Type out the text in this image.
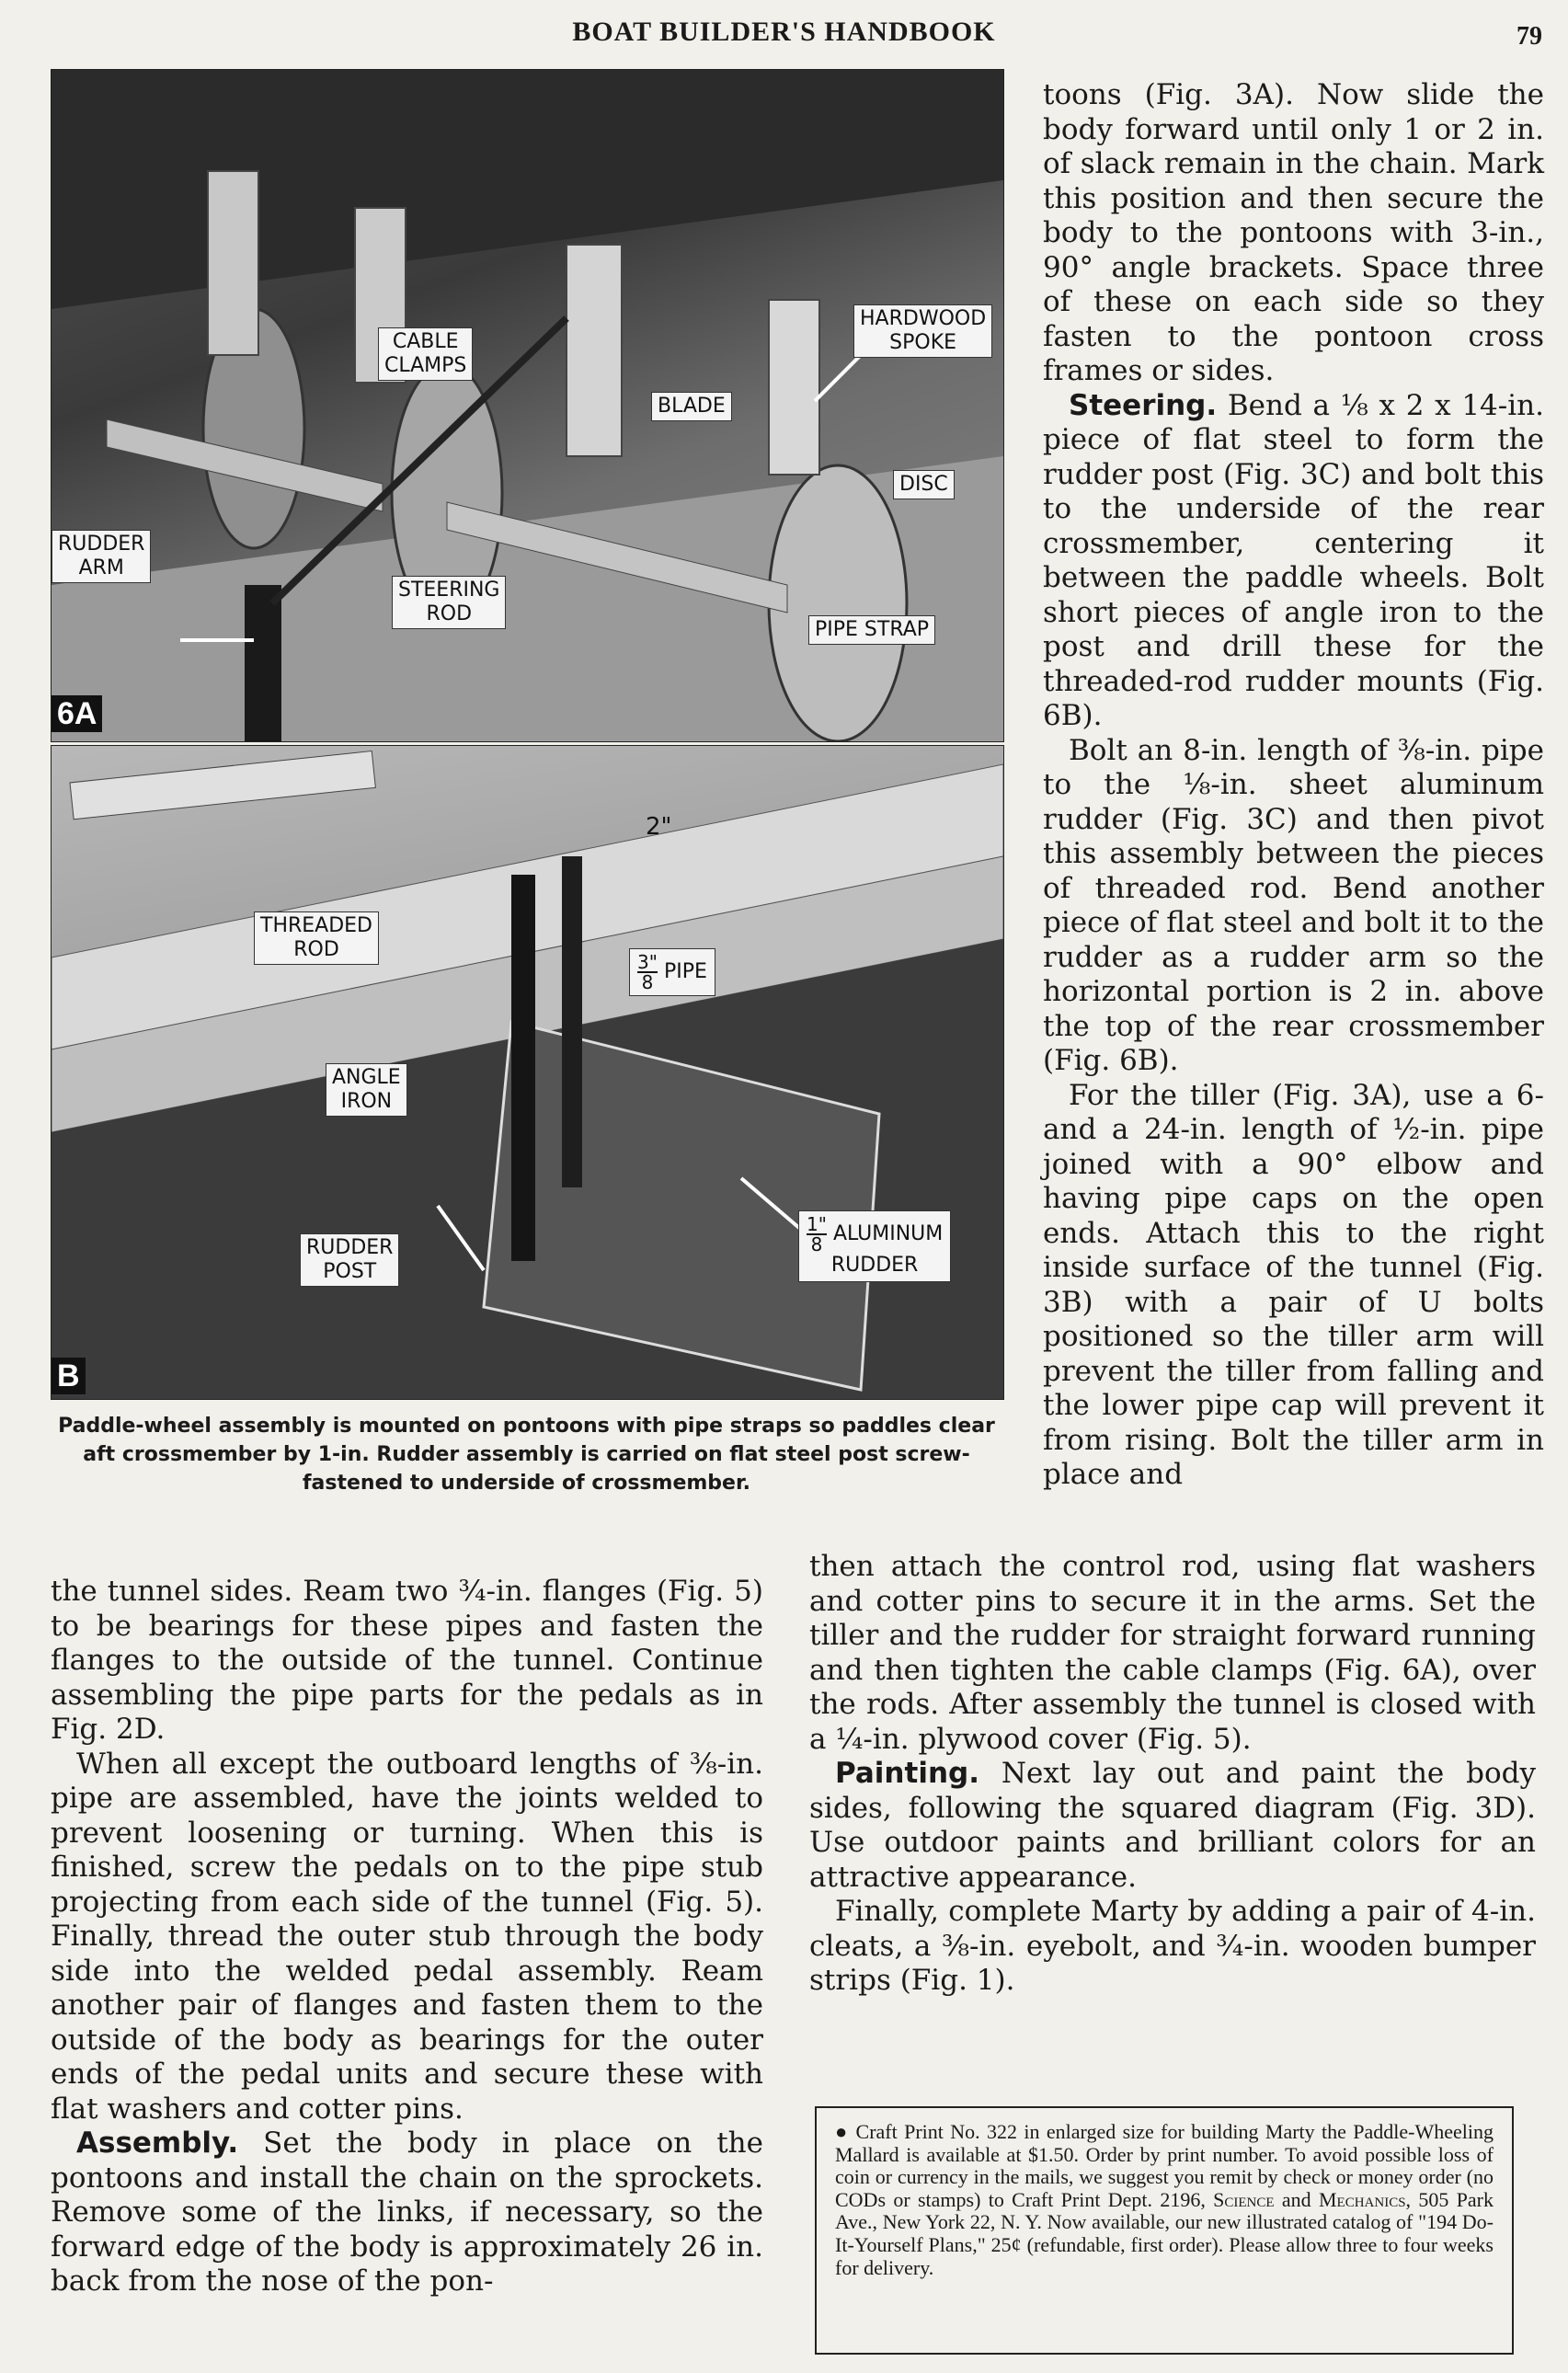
BOAT BUILDER'S HANDBOOK	79
CABLE
CLAMPS
HARDWOOD
SPOKE
BLADE
DISC
RUDDER
ARM
STEERING
ROD
PIPE STRAP
6A
2"
THREADED
ROD
$\frac{3"}{8}$ PIPE
ANGLE
IRON
RUDDER
POST
$\frac{1"}{8}$ ALUMINUM
RUDDER
B
Paddle-wheel assembly is mounted on pontoons with pipe straps so paddles clear aft crossmember by 1-in. Rudder assembly is carried on flat steel post screw-fastened to underside of crossmember.

toons (Fig. 3A). Now slide the body forward until only 1 or 2 in. of slack remain in the chain. Mark this position and then secure the body to the pontoons with 3-in., 90° angle brackets. Space three of these on each side so they fasten to the pontoon cross frames or sides.

Steering. Bend a ⅛ x 2 x 14-in. piece of flat steel to form the rudder post (Fig. 3C) and bolt this to the underside of the rear crossmember, centering it between the paddle wheels. Bolt short pieces of angle iron to the post and drill these for the threaded-rod rudder mounts (Fig. 6B).

Bolt an 8-in. length of ⅜-in. pipe to the ⅛-in. sheet aluminum rudder (Fig. 3C) and then pivot this assembly between the pieces of threaded rod. Bend another piece of flat steel and bolt it to the rudder as a rudder arm so the horizontal portion is 2 in. above the top of the rear crossmember (Fig. 6B).

For the tiller (Fig. 3A), use a 6- and a 24-in. length of ½-in. pipe joined with a 90° elbow and having pipe caps on the open ends. Attach this to the right inside surface of the tunnel (Fig. 3B) with a pair of U bolts positioned so the tiller arm will prevent the tiller from falling and the lower pipe cap will prevent it from rising. Bolt the tiller arm in place and

the tunnel sides. Ream two ¾-in. flanges (Fig. 5) to be bearings for these pipes and fasten the flanges to the outside of the tunnel. Continue assembling the pipe parts for the pedals as in Fig. 2D.

When all except the outboard lengths of ⅜-in. pipe are assembled, have the joints welded to prevent loosening or turning. When this is finished, screw the pedals on to the pipe stub projecting from each side of the tunnel (Fig. 5). Finally, thread the outer stub through the body side into the welded pedal assembly. Ream another pair of flanges and fasten them to the outside of the body as bearings for the outer ends of the pedal units and secure these with flat washers and cotter pins.

Assembly. Set the body in place on the pontoons and install the chain on the sprockets. Remove some of the links, if necessary, so the forward edge of the body is approximately 26 in. back from the nose of the pon-

then attach the control rod, using flat washers and cotter pins to secure it in the arms. Set the tiller and the rudder for straight forward running and then tighten the cable clamps (Fig. 6A), over the rods. After assembly the tunnel is closed with a ¼-in. plywood cover (Fig. 5).

Painting. Next lay out and paint the body sides, following the squared diagram (Fig. 3D). Use outdoor paints and brilliant colors for an attractive appearance.

Finally, complete Marty by adding a pair of 4-in. cleats, a ⅜-in. eyebolt, and ¾-in. wooden bumper strips (Fig. 1).

● Craft Print No. 322 in enlarged size for building Marty the Paddle-Wheeling Mallard is available at $1.50. Order by print number. To avoid possible loss of coin or currency in the mails, we suggest you remit by check or money order (no CODs or stamps) to Craft Print Dept. 2196, Science and Mechanics, 505 Park Ave., New York 22, N. Y. Now available, our new illustrated catalog of "194 Do-It-Yourself Plans," 25¢ (refundable, first order). Please allow three to four weeks for delivery.
